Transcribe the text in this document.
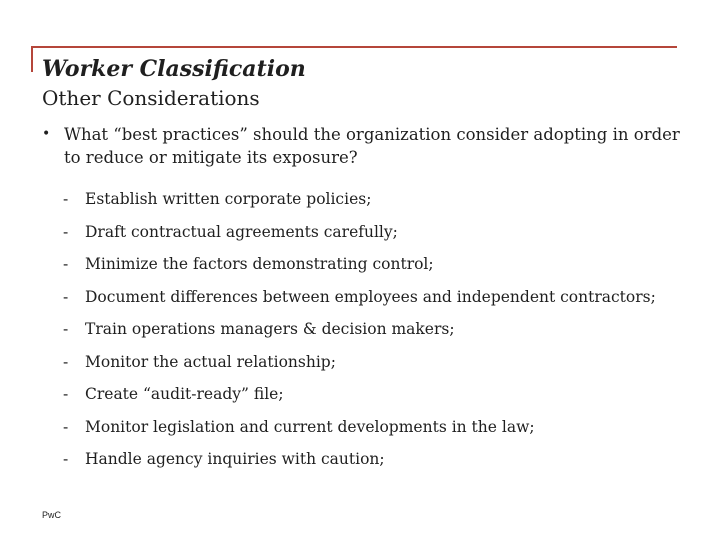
Worker Classification
Other Considerations
• What “best practices” should the organization consider adopting in order to reduce or mitigate its exposure?
-	Establish written corporate policies;
-	Draft contractual agreements carefully;
-	Minimize the factors demonstrating control;
-	Document differences between employees and independent contractors;
-	Train operations managers & decision makers;
-	Monitor the actual relationship;
-	Create “audit-ready” file;
-	Monitor legislation and current developments in the law;
-	Handle agency inquiries with caution;
PwC
